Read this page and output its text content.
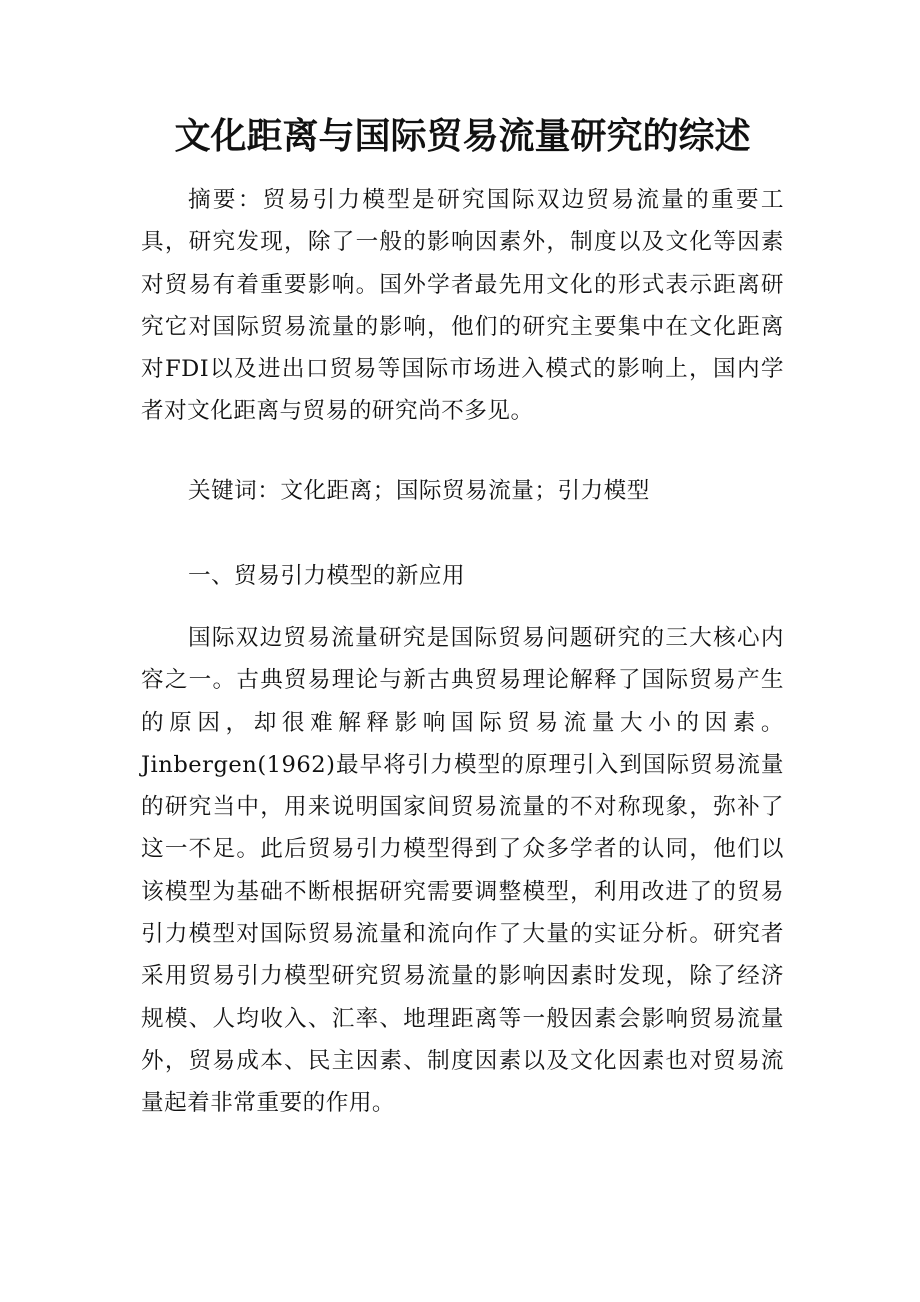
文化距离与国际贸易流量研究的综述

摘要：贸易引力模型是研究国际双边贸易流量的重要工具，研究发现，除了一般的影响因素外，制度以及文化等因素对贸易有着重要影响。国外学者最先用文化的形式表示距离研究它对国际贸易流量的影响，他们的研究主要集中在文化距离对FDI以及进出口贸易等国际市场进入模式的影响上，国内学者对文化距离与贸易的研究尚不多见。

关键词：文化距离；国际贸易流量；引力模型

一、贸易引力模型的新应用

国际双边贸易流量研究是国际贸易问题研究的三大核心内容之一。古典贸易理论与新古典贸易理论解释了国际贸易产生的原因，却很难解释影响国际贸易流量大小的因素。Jinbergen(1962)最早将引力模型的原理引入到国际贸易流量的研究当中，用来说明国家间贸易流量的不对称现象，弥补了这一不足。此后贸易引力模型得到了众多学者的认同，他们以该模型为基础不断根据研究需要调整模型，利用改进了的贸易引力模型对国际贸易流量和流向作了大量的实证分析。研究者采用贸易引力模型研究贸易流量的影响因素时发现，除了经济规模、人均收入、汇率、地理距离等一般因素会影响贸易流量外，贸易成本、民主因素、制度因素以及文化因素也对贸易流量起着非常重要的作用。
